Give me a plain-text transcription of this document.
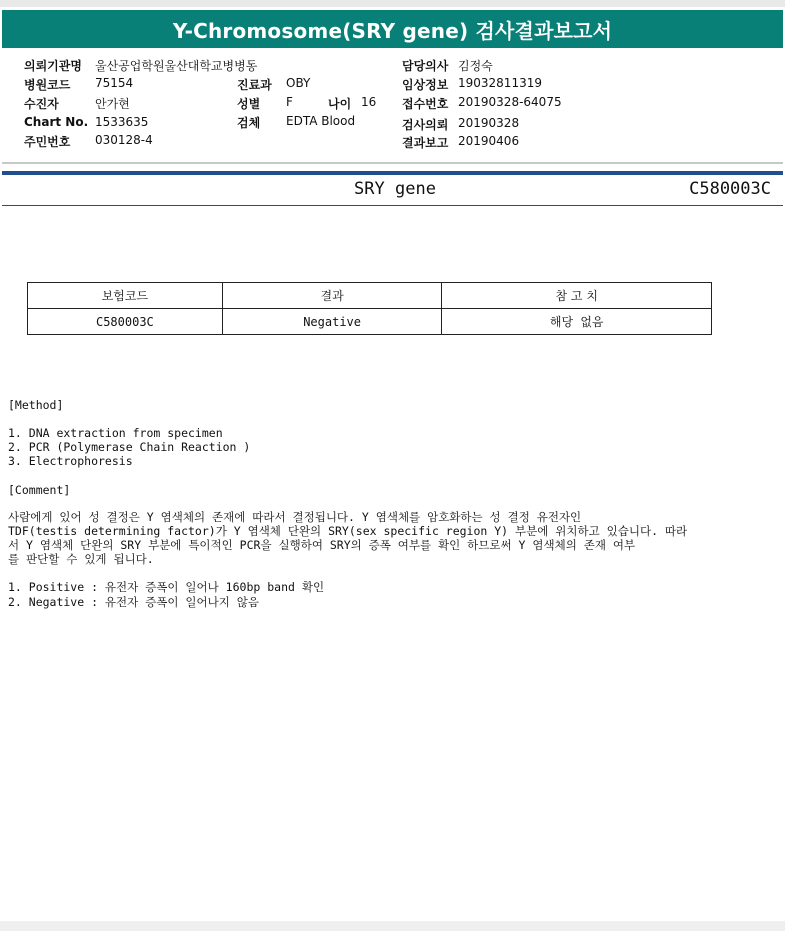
Y-Chromosome(SRY gene) 검사결과보고서
의뢰기관명 울산공업학원울산대학교병병동
병원코드 75154
수진자	안가현
Chart No. 1533635
주민번호 030128-4
진료과 OBY
성별 F	나이 16
검체 EDTA Blood
담당의사 김정숙
임상정보 19032811319
접수번호 20190328-64075
검사의뢰 20190328
결과보고 20190406
SRY gene	C580003C
보험코드	결과	참 고 치
C580003C	Negative	해당 없음
[Method]
1. DNA extraction from specimen
2. PCR (Polymerase Chain Reaction )
3. Electrophoresis
[Comment]
사람에게 있어 성 결정은 Y 염색체의 존재에 따라서 결정됩니다. Y 염색체를 암호화하는 성 결정 유전자인
TDF(testis determining factor)가 Y 염색체 단완의 SRY(sex specific region Y) 부분에 위치하고 있습니다. 따라
서 Y 염색체 단완의 SRY 부분에 특이적인 PCR을 실행하여 SRY의 증폭 여부를 확인 하므로써 Y 염색체의 존재 여부
를 판단할 수 있게 됩니다.
1. Positive : 유전자 증폭이 일어나 160bp band 확인
2. Negative : 유전자 증폭이 일어나지 않음
